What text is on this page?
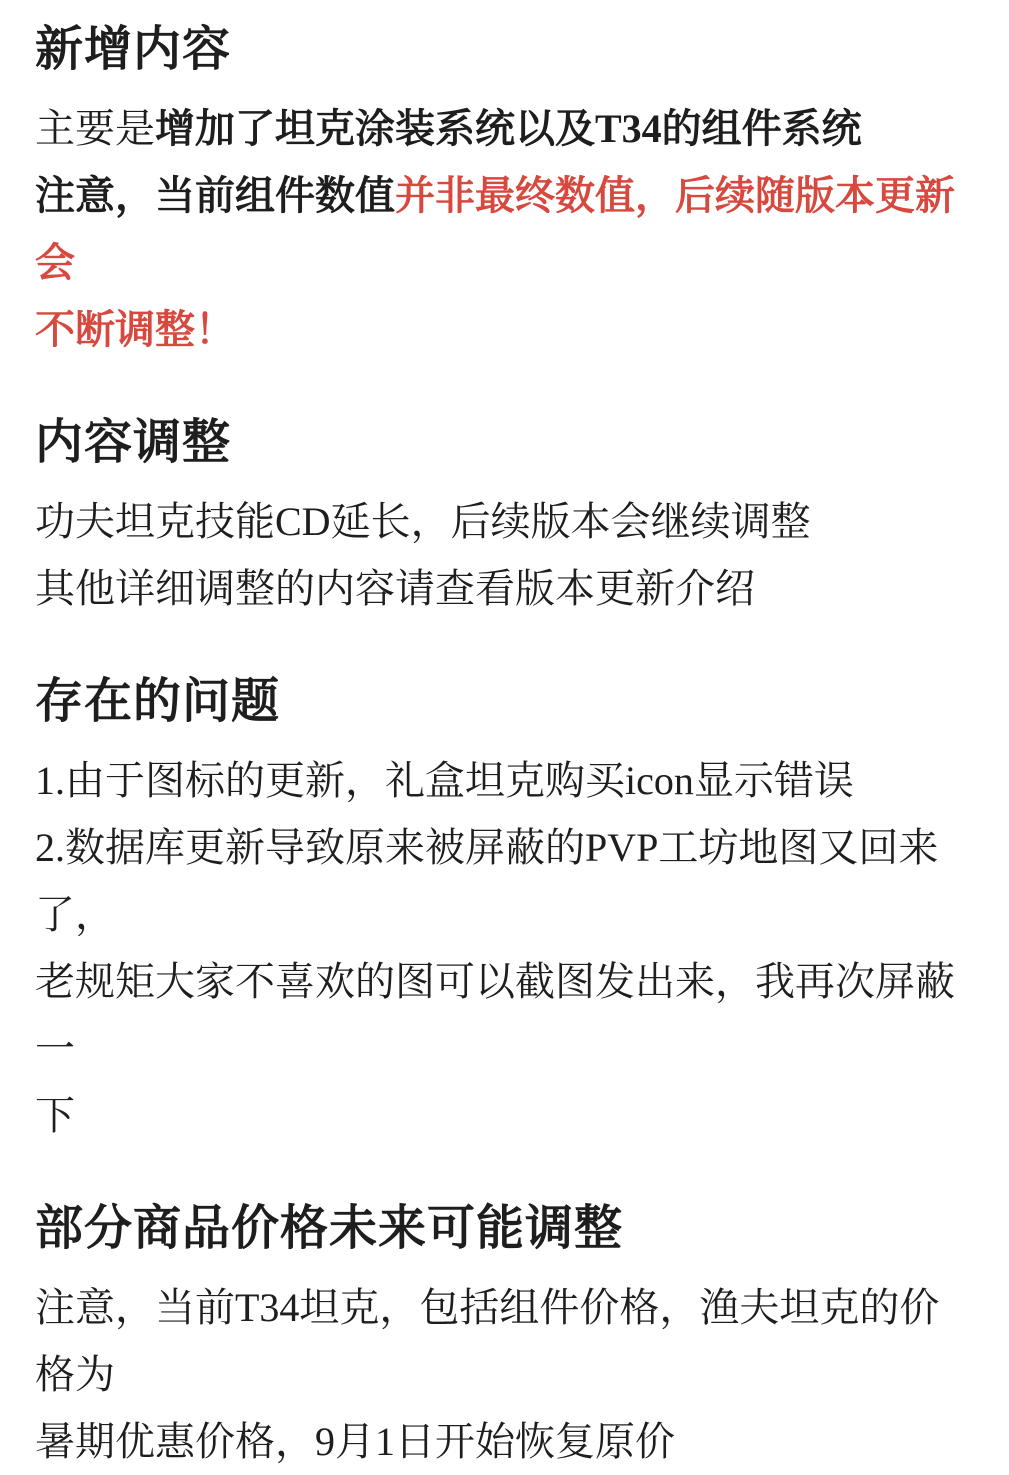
新增内容

主要是增加了坦克涂装系统以及T34的组件系统

注意，当前组件数值并非最终数值，后续随版本更新会

不断调整！

内容调整

功夫坦克技能CD延长，后续版本会继续调整

其他详细调整的内容请查看版本更新介绍

存在的问题

1.由于图标的更新，礼盒坦克购买icon显示错误

2.数据库更新导致原来被屏蔽的PVP工坊地图又回来了，

老规矩大家不喜欢的图可以截图发出来，我再次屏蔽一

下

部分商品价格未来可能调整

注意，当前T34坦克，包括组件价格，渔夫坦克的价格为

暑期优惠价格，9月1日开始恢复原价
